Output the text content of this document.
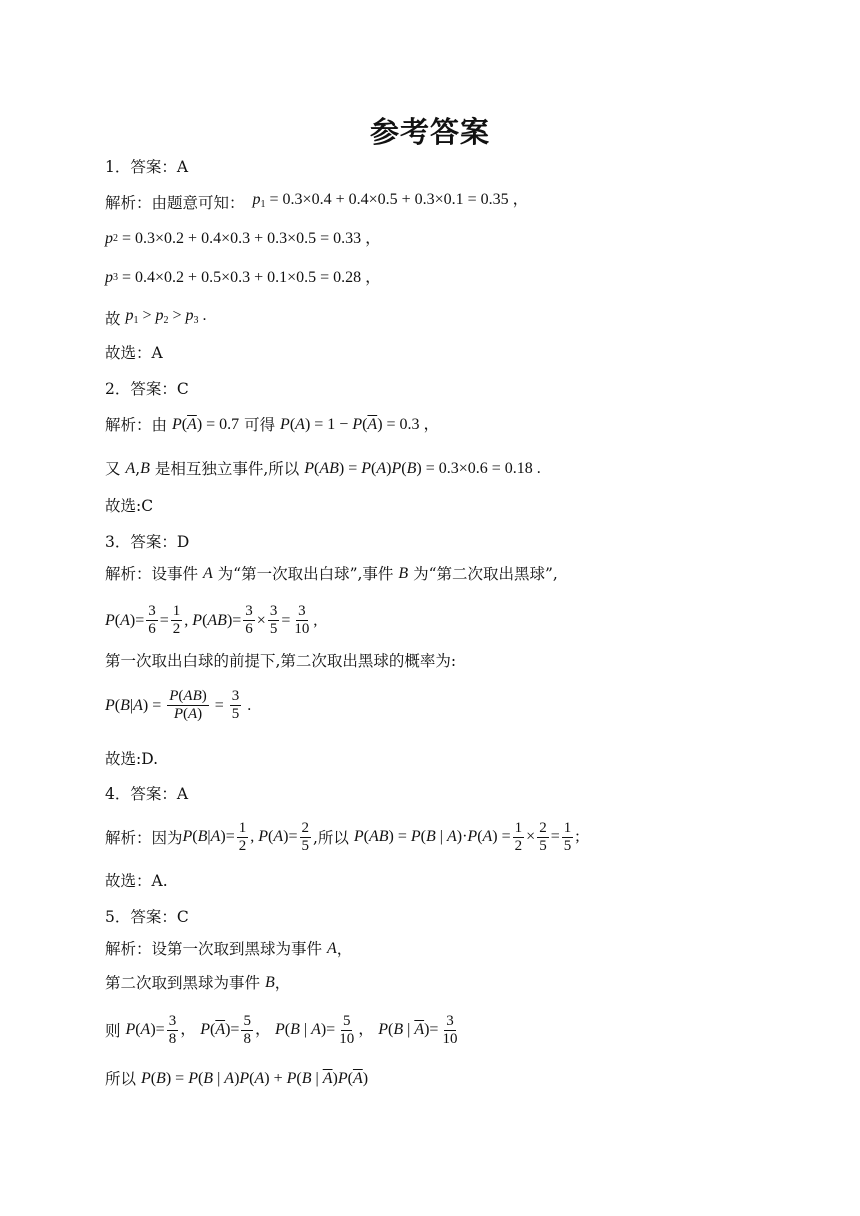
参考答案
1．答案：A
解析：由题意可知： $p_1 = 0.3\times 0.4 + 0.4\times 0.5 + 0.3\times 0.1 = 0.35$ ，
p 2 = 0.3×0.2 + 0.4×0.3 + 0.3×0.5 = 0.33 ，
p 3 = 0.4×0.2 + 0.5×0.3 + 0.1×0.5 = 0.28 ，
故 $p_1 > p_2 > p_3$ .
故选：A
2．答案：C
解析：由 $P(\overline{A}) = 0.7$ 可得 $P(A) = 1 - P(\overline{A}) = 0.3$ ，
又 A , B 是相互独立事件,所以 P(AB) = P(A)P(B) = 0.3×0.6 = 0.18 .
故选:C
3．答案：D
解析：设事件 A 为“第一次取出白球”,事件 B 为“第二次取出黑球”,
P ( A )= $\frac{3}{6} = \frac{1}{2}$ , P ( AB )= $\frac{3}{6} \times \frac{3}{5} = \frac{3}{10}$ ,
第一次取出白球的前提下,第二次取出黑球的概率为:
P ( B | A ) = $\frac{P(AB)}{P(A)} = \frac{3}{5}$ .
故选:D.
4．答案：A
解析：因为 $P(B|A)= \frac{1}{2}$ , $P(A)= \frac{2}{5}$ ,所以 P(AB) = P(B | $A)\cdot P(A) = \frac{1}{2} \times \frac{2}{5} = \frac{1}{5}$ ;
故选：A.
5．答案：C
解析：设第一次取到黑球为事件 A ，
第二次取到黑球为事件 B ，
则 $P(A)= \frac{3}{8}$ ， $P(\overline{A})= \frac{5}{8}$ ， P(B | $A)= \frac{5}{10}$ ， P(B | $\overline{A})= \frac{3}{10}$
所以 P(B) = P(B | A)P(A) + P(B | $\overline{A})P(\overline{A})$
